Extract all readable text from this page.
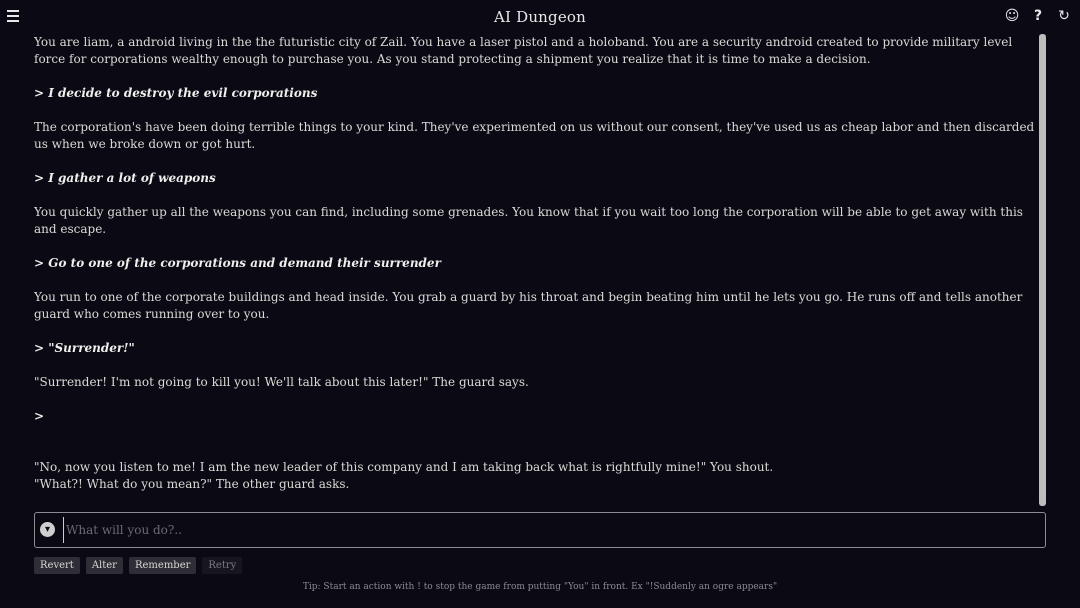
AI Dungeon	☺ ? ↻

You are liam, a android living in the the futuristic city of Zail. You have a laser pistol and a holoband. You are a security android created to provide military level force for corporations wealthy enough to purchase you. As you stand protecting a shipment you realize that it is time to make a decision.

> I decide to destroy the evil corporations

The corporation's have been doing terrible things to your kind. They've experimented on us without our consent, they've used us as cheap labor and then discarded us when we broke down or got hurt.

> I gather a lot of weapons

You quickly gather up all the weapons you can find, including some grenades. You know that if you wait too long the corporation will be able to get away with this and escape.

> Go to one of the corporations and demand their surrender

You run to one of the corporate buildings and head inside. You grab a guard by his throat and begin beating him until he lets you go. He runs off and tells another guard who comes running over to you.

> "Surrender!"

"Surrender! I'm not going to kill you! We'll talk about this later!" The guard says.

>

"No, now you listen to me! I am the new leader of this company and I am taking back what is rightfully mine!" You shout.

"What?! What do you mean?" The other guard asks.

▾
What will you do?..
Revert	Alter	Remember	Retry
Tip: Start an action with ! to stop the game from putting "You" in front. Ex "!Suddenly an ogre appears"
